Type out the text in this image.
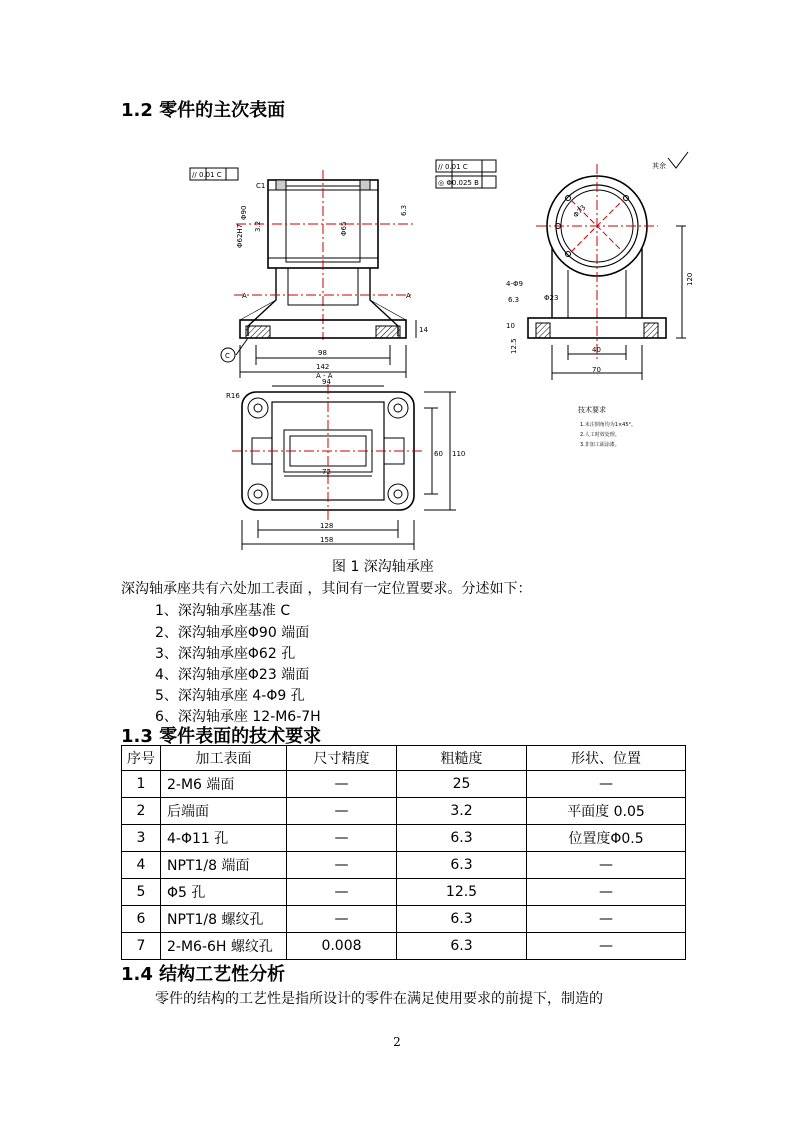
1.2 零件的主次表面
// 0.01 C
// 0.01 C
◎ Φ0.025 B
C1
Φ90
Φ62H7 3.2	Φ65
6.3
A	A
14
98
142
C
A - A
94
R16
72
60 110
128
158
Φ73
4-Φ9
6.3	Φ23
10
12.5	40
70
120
其余
技术要求
1.未注倒角均为1×45°。
2.人工时效处理。
3.非加工面涂漆。
图 1 深沟轴承座
深沟轴承座共有六处加工表面 ，其间有一定位置要求。分述如下：
1、深沟轴承座基准 C
2、深沟轴承座Φ90 端面
3、深沟轴承座Φ62 孔
4、深沟轴承座Φ23 端面
5、深沟轴承座 4-Φ9 孔
6、深沟轴承座 12-M6-7H
1.3 零件表面的技术要求
序号	加工表面	尺寸精度	粗糙度	形状、位置
1	2-M6 端面	—	25	—
2	后端面	—	3.2	平面度 0.05
3	4-Φ11 孔	—	6.3	位置度Φ0.5
4	NPT1/8 端面	—	6.3	—
5	Φ5 孔	—	12.5	—
6	NPT1/8 螺纹孔	—	6.3	—
7	2-M6-6H 螺纹孔	0.008	6.3	—
1.4 结构工艺性分析
零件的结构的工艺性是指所设计的零件在满足使用要求的前提下，制造的
2
